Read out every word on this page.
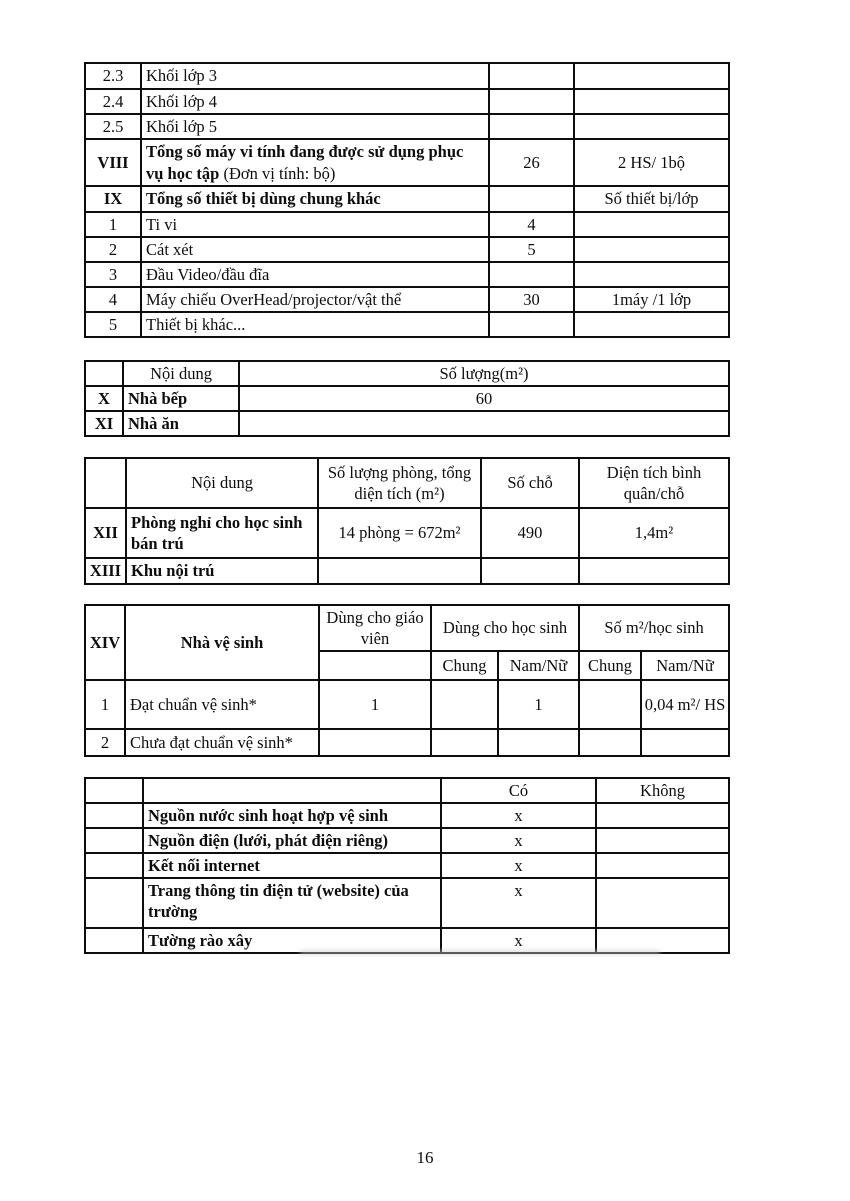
2.3	Khối lớp 3		
2.4	Khối lớp 4		
2.5	Khối lớp 5		
VIII	Tổng số máy vi tính đang được sử dụng phục vụ học tập (Đơn vị tính: bộ)	26	2 HS/ 1bộ
IX	Tổng số thiết bị dùng chung khác		Số thiết bị/lớp
1	Ti vi	4	
2	Cát xét	5	
3	Đầu Video/đầu đĩa		
4	Máy chiếu OverHead/projector/vật thể	30	1máy /1 lớp
5	Thiết bị khác...		
	Nội dung	Số lượng(m²)
X	Nhà bếp	60
XI	Nhà ăn	
	Nội dung	Số lượng phòng, tổng diện tích (m²)	Số chỗ	Diện tích bình quân/chỗ
XII	Phòng nghỉ cho học sinh bán trú	14 phòng = 672m²	490	1,4m²
XIII	Khu nội trú			
XIV	Nhà vệ sinh	Dùng cho giáo viên	Dùng cho học sinh		Số m²/học sinh	
			Chung	Nam/Nữ	Chung	Nam/Nữ
1	Đạt chuẩn vệ sinh*	1		1		0,04 m²/ HS
2	Chưa đạt chuẩn vệ sinh*					
		Có	Không
	Nguồn nước sinh hoạt hợp vệ sinh	x	
	Nguồn điện (lưới, phát điện riêng)	x	
	Kết nối internet	x	
	Trang thông tin điện tử (website) của trường	x	
	Tường rào xây	x	
16
